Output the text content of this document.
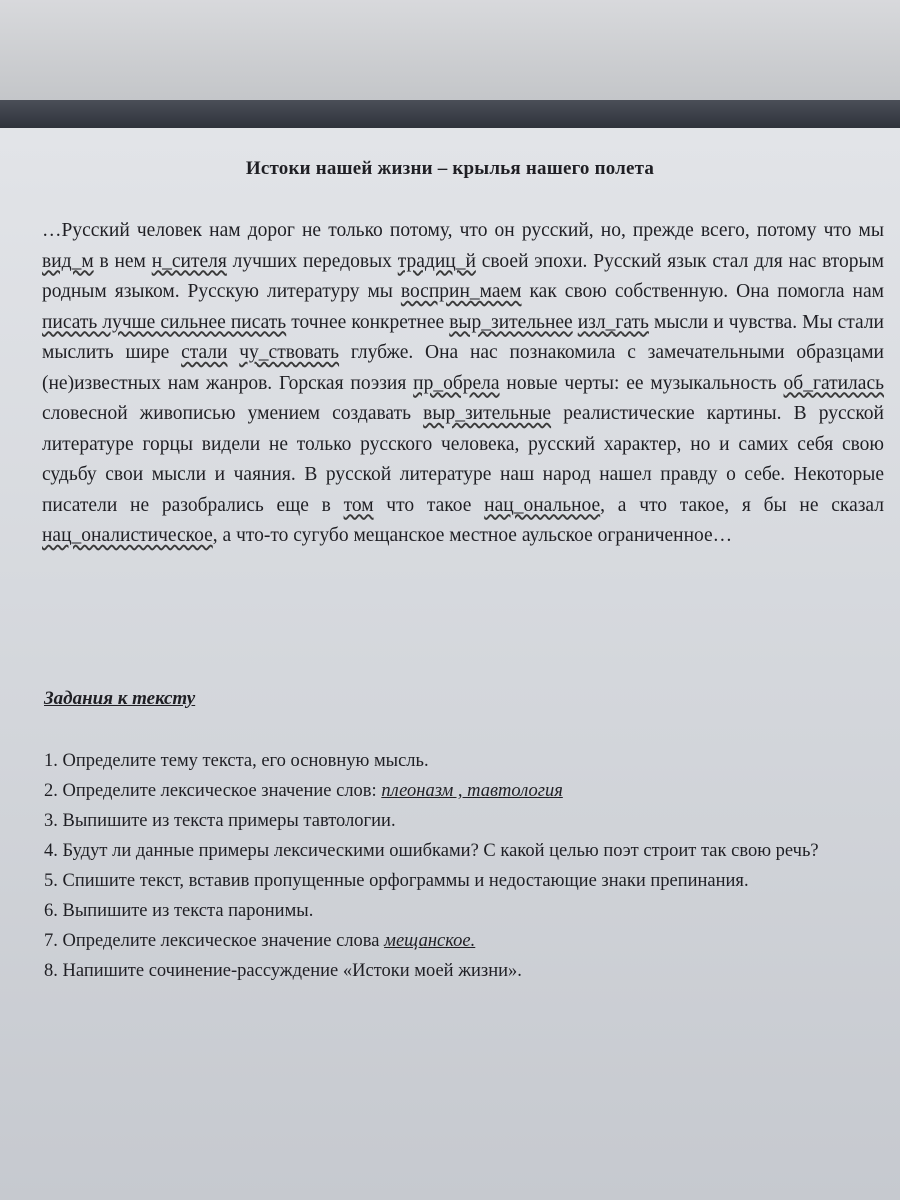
Истоки нашей жизни – крылья нашего полета

…Русский человек нам дорог не только потому, что он русский, но, прежде всего, потому что мы вид_м в нем н_сителя лучших передовых традиц_й своей эпохи. Русский язык стал для нас вторым родным языком. Русскую литературу мы восприн_маем как свою собственную. Она помогла нам писать лучше сильнее писать точнее конкретнее выр_зительнее изл_гать мысли и чувства. Мы стали мыслить шире стали чу_ствовать глубже. Она нас познакомила с замечательными образцами (не)известных нам жанров. Горская поэзия пр_обрела новые черты: ее музыкальность об_гатилась словесной живописью умением создавать выр_зительные реалистические картины. В русской литературе горцы видели не только русского человека, русский характер, но и самих себя свою судьбу свои мысли и чаяния. В русской литературе наш народ нашел правду о себе. Некоторые писатели не разобрались еще в том что такое нац_ональное, а что такое, я бы не сказал нац_оналистическое, а что-то сугубо мещанское местное аульское ограниченное…

Задания к тексту

1. Определите тему текста, его основную мысль.
2. Определите лексическое значение слов: плеоназм , тавтология
3. Выпишите из текста примеры тавтологии.
4. Будут ли данные примеры лексическими ошибками? С какой целью поэт строит так свою речь?
5. Спишите текст, вставив пропущенные орфограммы и недостающие знаки препинания.
6. Выпишите из текста паронимы.
7. Определите лексическое значение слова мещанское.
8. Напишите сочинение-рассуждение «Истоки моей жизни».
